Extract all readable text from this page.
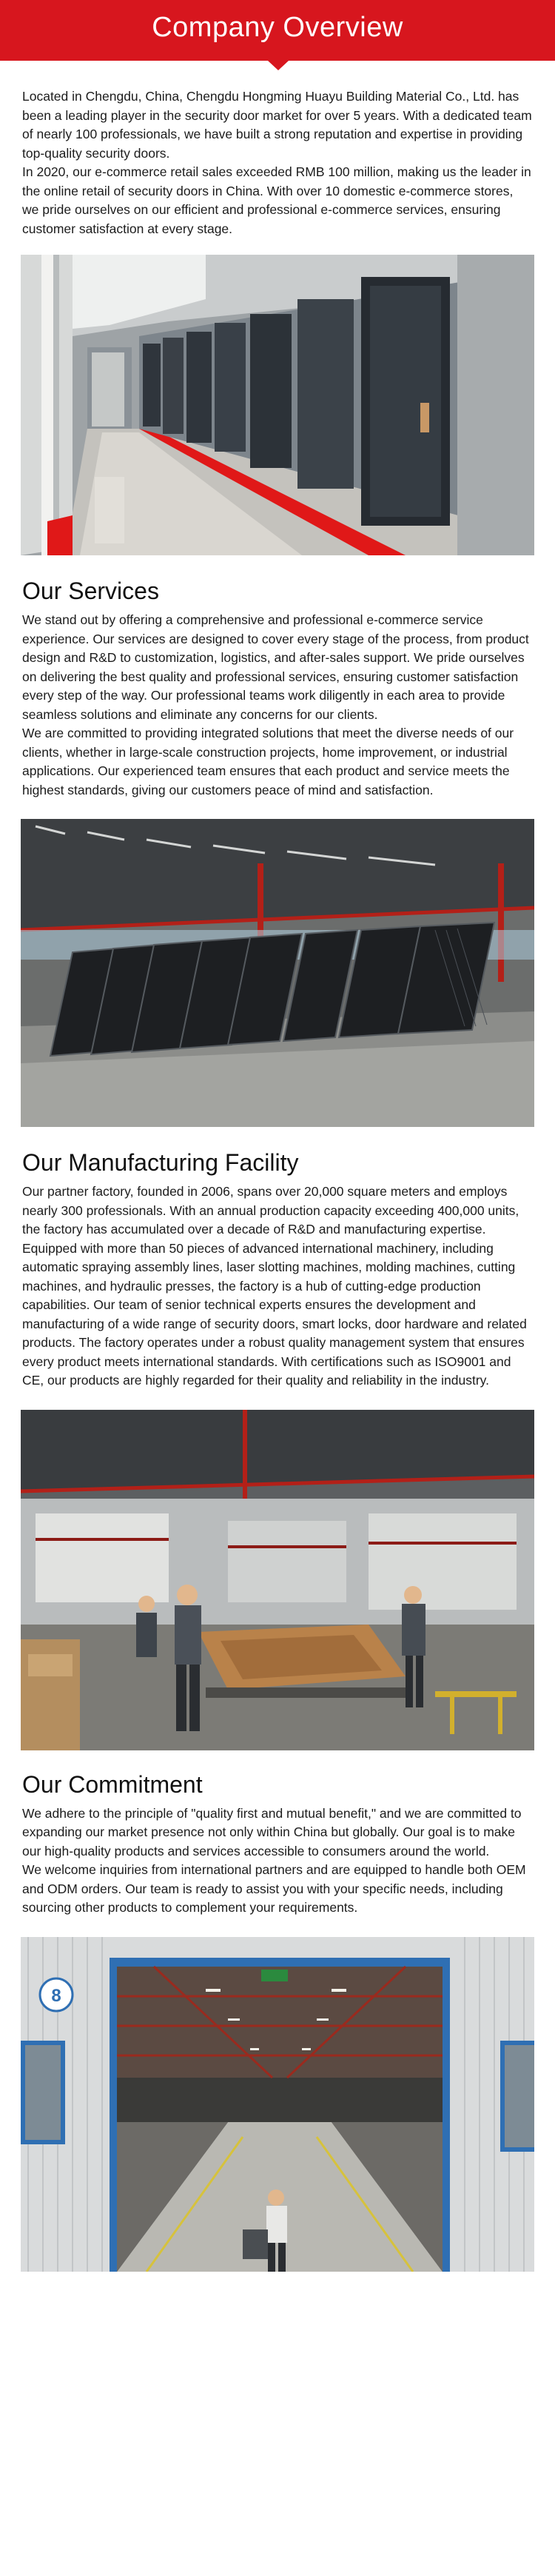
Company Overview
Located in Chengdu, China, Chengdu Hongming Huayu Building Material Co., Ltd. has been a leading player in the security door market for over 5 years. With a dedicated team of nearly 100 professionals, we have built a strong reputation and expertise in providing top-quality security doors.
In 2020, our e-commerce retail sales exceeded RMB 100 million, making us the leader in the online retail of security doors in China. With over 10 domestic e-commerce stores, we pride ourselves on our efficient and professional e-commerce services, ensuring customer satisfaction at every stage.
Our Services
We stand out by offering a comprehensive and professional e-commerce service experience. Our services are designed to cover every stage of the process, from product design and R&D to customization, logistics, and after-sales support. We pride ourselves on delivering the best quality and professional services, ensuring customer satisfaction every step of the way. Our professional teams work diligently in each area to provide seamless solutions and eliminate any concerns for our clients.
We are committed to providing integrated solutions that meet the diverse needs of our clients, whether in large-scale construction projects, home improvement, or industrial applications. Our experienced team ensures that each product and service meets the highest standards, giving our customers peace of mind and satisfaction.
Our Manufacturing Facility
Our partner factory, founded in 2006, spans over 20,000 square meters and employs nearly 300 professionals. With an annual production capacity exceeding 400,000 units, the factory has accumulated over a decade of R&D and manufacturing expertise. Equipped with more than 50 pieces of advanced international machinery, including automatic spraying assembly lines, laser slotting machines, molding machines, cutting machines, and hydraulic presses, the factory is a hub of cutting-edge production capabilities. Our team of senior technical experts ensures the development and manufacturing of a wide range of security doors, smart locks, door hardware and related products. The factory operates under a robust quality management system that ensures every product meets international standards. With certifications such as ISO9001 and CE, our products are highly regarded for their quality and reliability in the industry.
Our Commitment
We adhere to the principle of "quality first and mutual benefit," and we are committed to expanding our market presence not only within China but globally. Our goal is to make our high-quality products and services accessible to consumers around the world.
We welcome inquiries from international partners and are equipped to handle both OEM and ODM orders. Our team is ready to assist you with your specific needs, including sourcing other products to complement your requirements.
8
